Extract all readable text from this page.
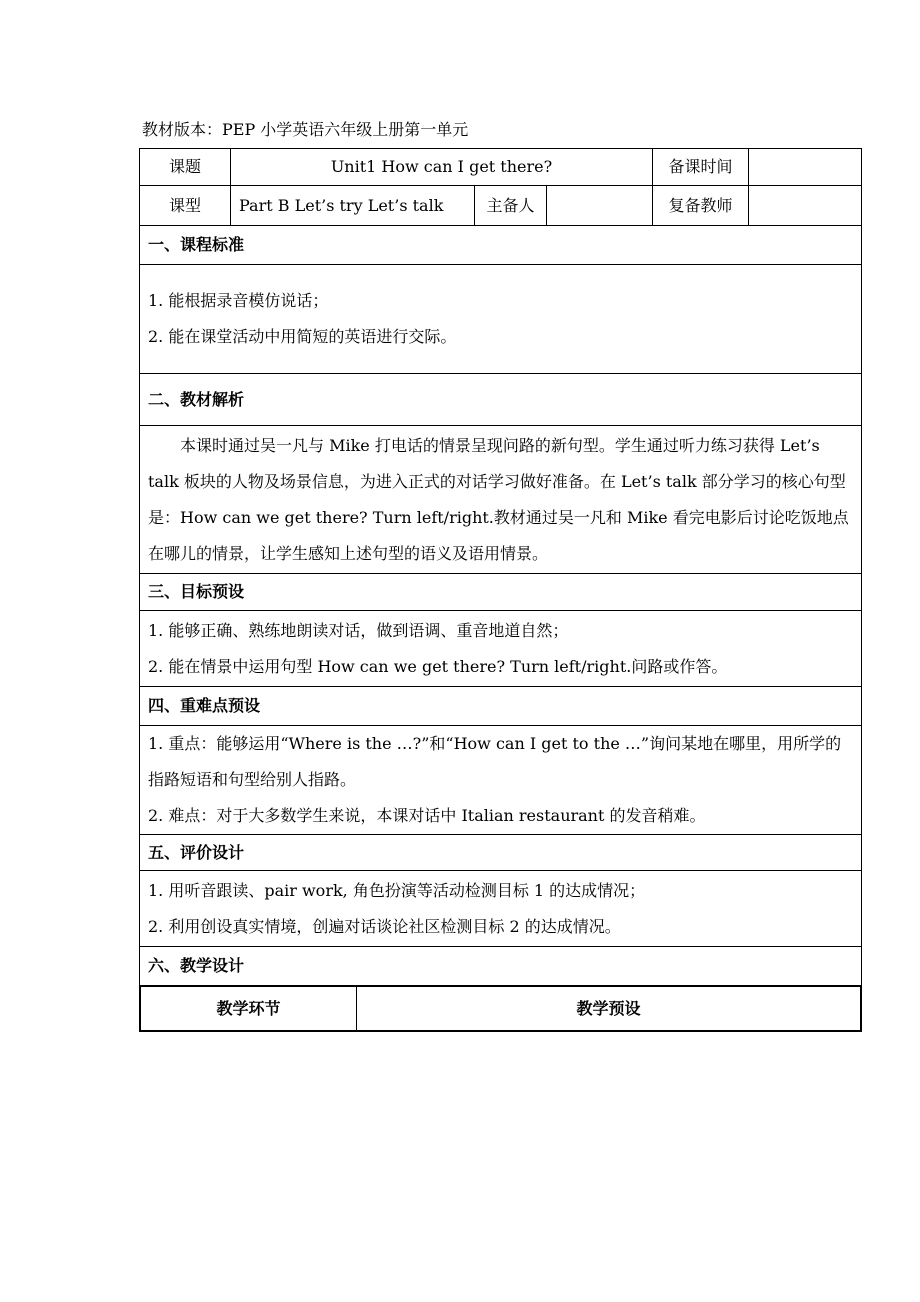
教材版本：PEP 小学英语六年级上册第一单元
课题	Unit1 How can I get there?	备课时间	
课型	Part B Let’s try Let’s talk	主备人		复备教师	
一、课程标准

1. 能根据录音模仿说话；

2. 能在课堂活动中用简短的英语进行交际。

二、教材解析

本课时通过吴一凡与 Mike 打电话的情景呈现问路的新句型。学生通过听力练习获得 Let’s talk 板块的人物及场景信息，为进入正式的对话学习做好准备。在 Let’s talk 部分学习的核心句型是：How can we get there? Turn left/right.教材通过吴一凡和 Mike 看完电影后讨论吃饭地点在哪儿的情景，让学生感知上述句型的语义及语用情景。

三、目标预设

1. 能够正确、熟练地朗读对话，做到语调、重音地道自然；

2. 能在情景中运用句型 How can we get there? Turn left/right.问路或作答。

四、重难点预设

1. 重点：能够运用“Where is the …?”和“How can I get to the …”询问某地在哪里，用所学的指路短语和句型给别人指路。

2. 难点：对于大多数学生来说，本课对话中 Italian restaurant 的发音稍难。

五、评价设计

1. 用听音跟读、pair work, 角色扮演等活动检测目标 1 的达成情况；

2. 利用创设真实情境，创遍对话谈论社区检测目标 2 的达成情况。

六、教学设计

教学环节	教学预设
